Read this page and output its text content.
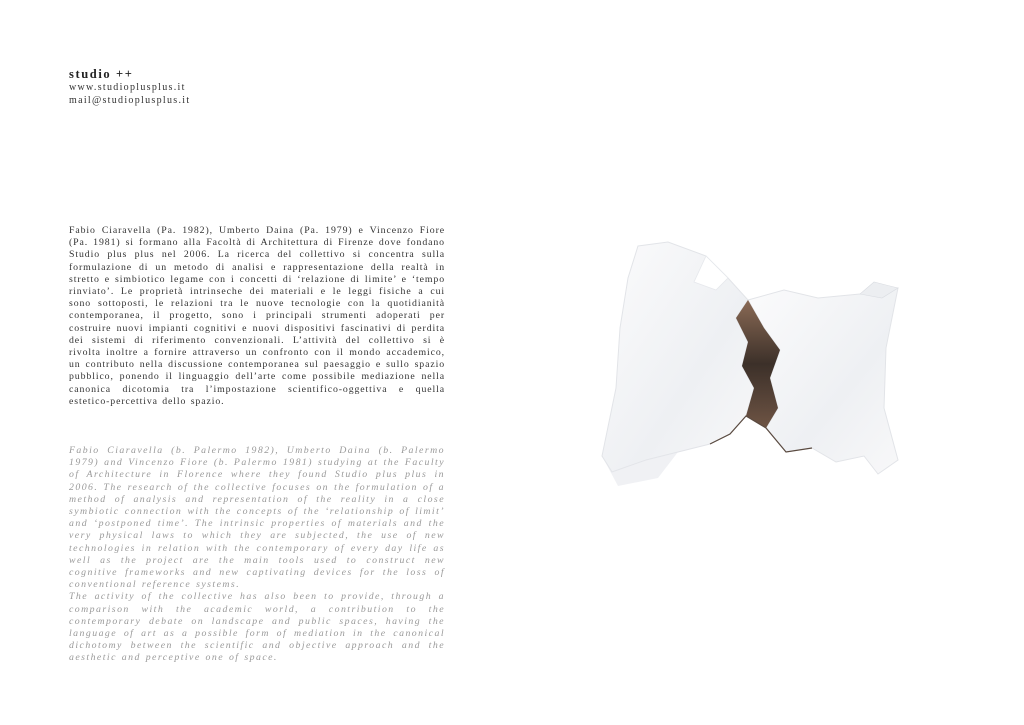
studio ++
www.studioplusplus.it
mail@studioplusplus.it

Fabio Ciaravella (Pa. 1982), Umberto Daina (Pa. 1979) e Vincenzo Fiore (Pa. 1981) si formano alla Facoltà di Architettura di Firenze dove fondano Studio plus plus nel 2006. La ricerca del collettivo si concentra sulla formulazione di un metodo di analisi e rappresentazione della realtà in stretto e simbiotico legame con i concetti di ‘relazione di limite’ e ‘tempo rinviato’. Le proprietà intrinseche dei materiali e le leggi fisiche a cui sono sottoposti, le relazioni tra le nuove tecnologie con la quotidianità contemporanea, il progetto, sono i principali strumenti adoperati per costruire nuovi impianti cognitivi e nuovi dispositivi fascinativi di perdita dei sistemi di riferimento convenzionali. L’attività del collettivo si è rivolta inoltre a fornire attraverso un confronto con il mondo accademico, un contributo nella discussione contemporanea sul paesaggio e sullo spazio pubblico, ponendo il linguaggio dell’arte come possibile mediazione nella canonica dicotomia tra l’impostazione scientifico-oggettiva e quella estetico-percettiva dello spazio.

Fabio Ciaravella (b. Palermo 1982), Umberto Daina (b. Palermo 1979) and Vincenzo Fiore (b. Palermo 1981) studying at the Faculty of Architecture in Florence where they found Studio plus plus in 2006. The research of the collective focuses on the formulation of a method of analysis and representation of the reality in a close symbiotic connection with the concepts of the ‘relationship of limit’ and ‘postponed time’. The intrinsic properties of materials and the very physical laws to which they are subjected, the use of new technologies in relation with the contemporary of every day life as well as the project are the main tools used to construct new cognitive frameworks and new captivating devices for the loss of conventional reference systems.

The activity of the collective has also been to provide, through a comparison with the academic world, a contribution to the contemporary debate on landscape and public spaces, having the language of art as a possible form of mediation in the canonical dichotomy between the scientific and objective approach and the aesthetic and perceptive one of space.
